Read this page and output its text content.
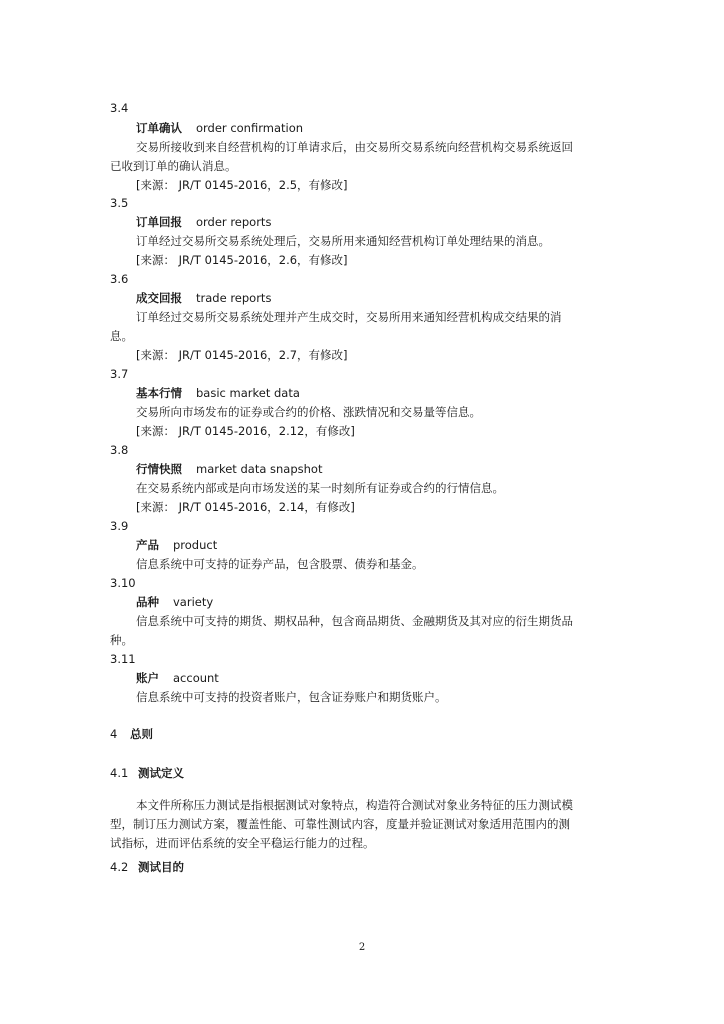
3.4
订单确认 order confirmation
交易所接收到来自经营机构的订单请求后，由交易所交易系统向经营机构交易系统返回
已收到订单的确认消息。
[来源： JR/T 0145-2016，2.5，有修改]
3.5
订单回报 order reports
订单经过交易所交易系统处理后，交易所用来通知经营机构订单处理结果的消息。
[来源： JR/T 0145-2016，2.6，有修改]
3.6
成交回报 trade reports
订单经过交易所交易系统处理并产生成交时，交易所用来通知经营机构成交结果的消
息。
[来源： JR/T 0145-2016，2.7，有修改]
3.7
基本行情 basic market data
交易所向市场发布的证券或合约的价格、涨跌情况和交易量等信息。
[来源： JR/T 0145-2016，2.12，有修改]
3.8
行情快照 market data snapshot
在交易系统内部或是向市场发送的某一时刻所有证券或合约的行情信息。
[来源： JR/T 0145-2016，2.14，有修改]
3.9
产品 product
信息系统中可支持的证券产品，包含股票、债券和基金。
3.10
品种 variety
信息系统中可支持的期货、期权品种，包含商品期货、金融期货及其对应的衍生期货品
种。
3.11
账户 account
信息系统中可支持的投资者账户，包含证券账户和期货账户。
4 总则
4.1 测试定义
本文件所称压力测试是指根据测试对象特点，构造符合测试对象业务特征的压力测试模
型，制订压力测试方案，覆盖性能、可靠性测试内容，度量并验证测试对象适用范围内的测
试指标，进而评估系统的安全平稳运行能力的过程。
4.2 测试目的
2
